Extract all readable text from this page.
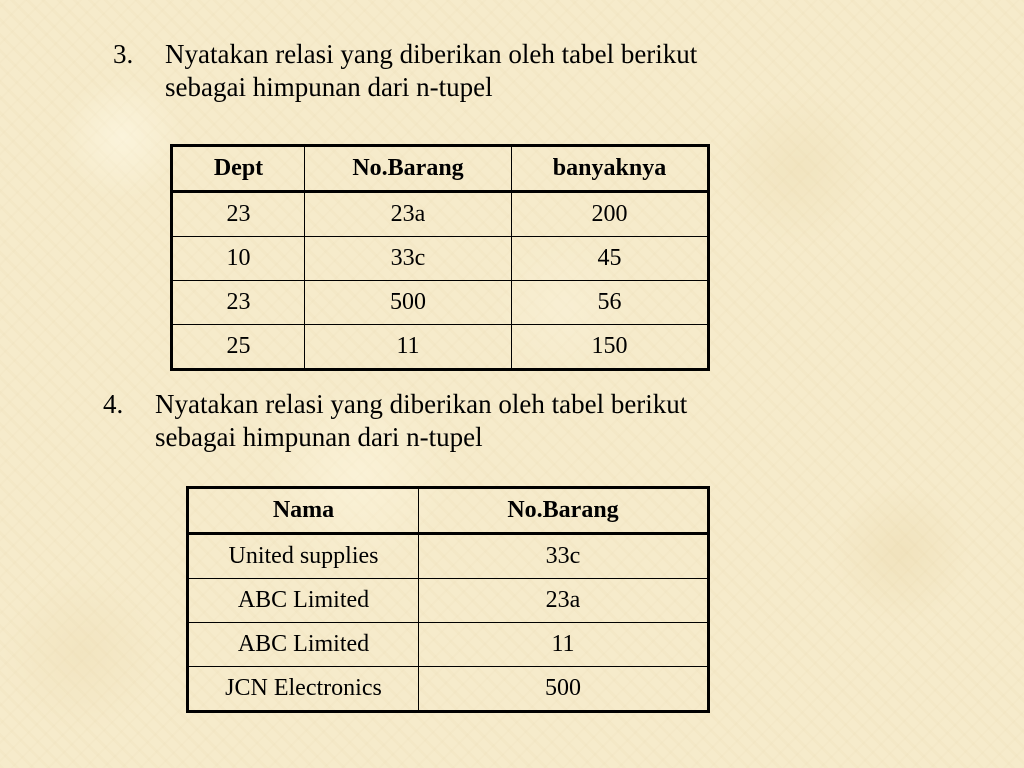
3. Nyatakan relasi yang diberikan oleh tabel berikut
sebagai himpunan dari n-tupel
Dept	No.Barang	banyaknya
23	23a	200
10	33c	45
23	500	56
25	11	150
4. Nyatakan relasi yang diberikan oleh tabel berikut
sebagai himpunan dari n-tupel
Nama	No.Barang
United supplies	33c
ABC Limited	23a
ABC Limited	11
JCN Electronics	500
